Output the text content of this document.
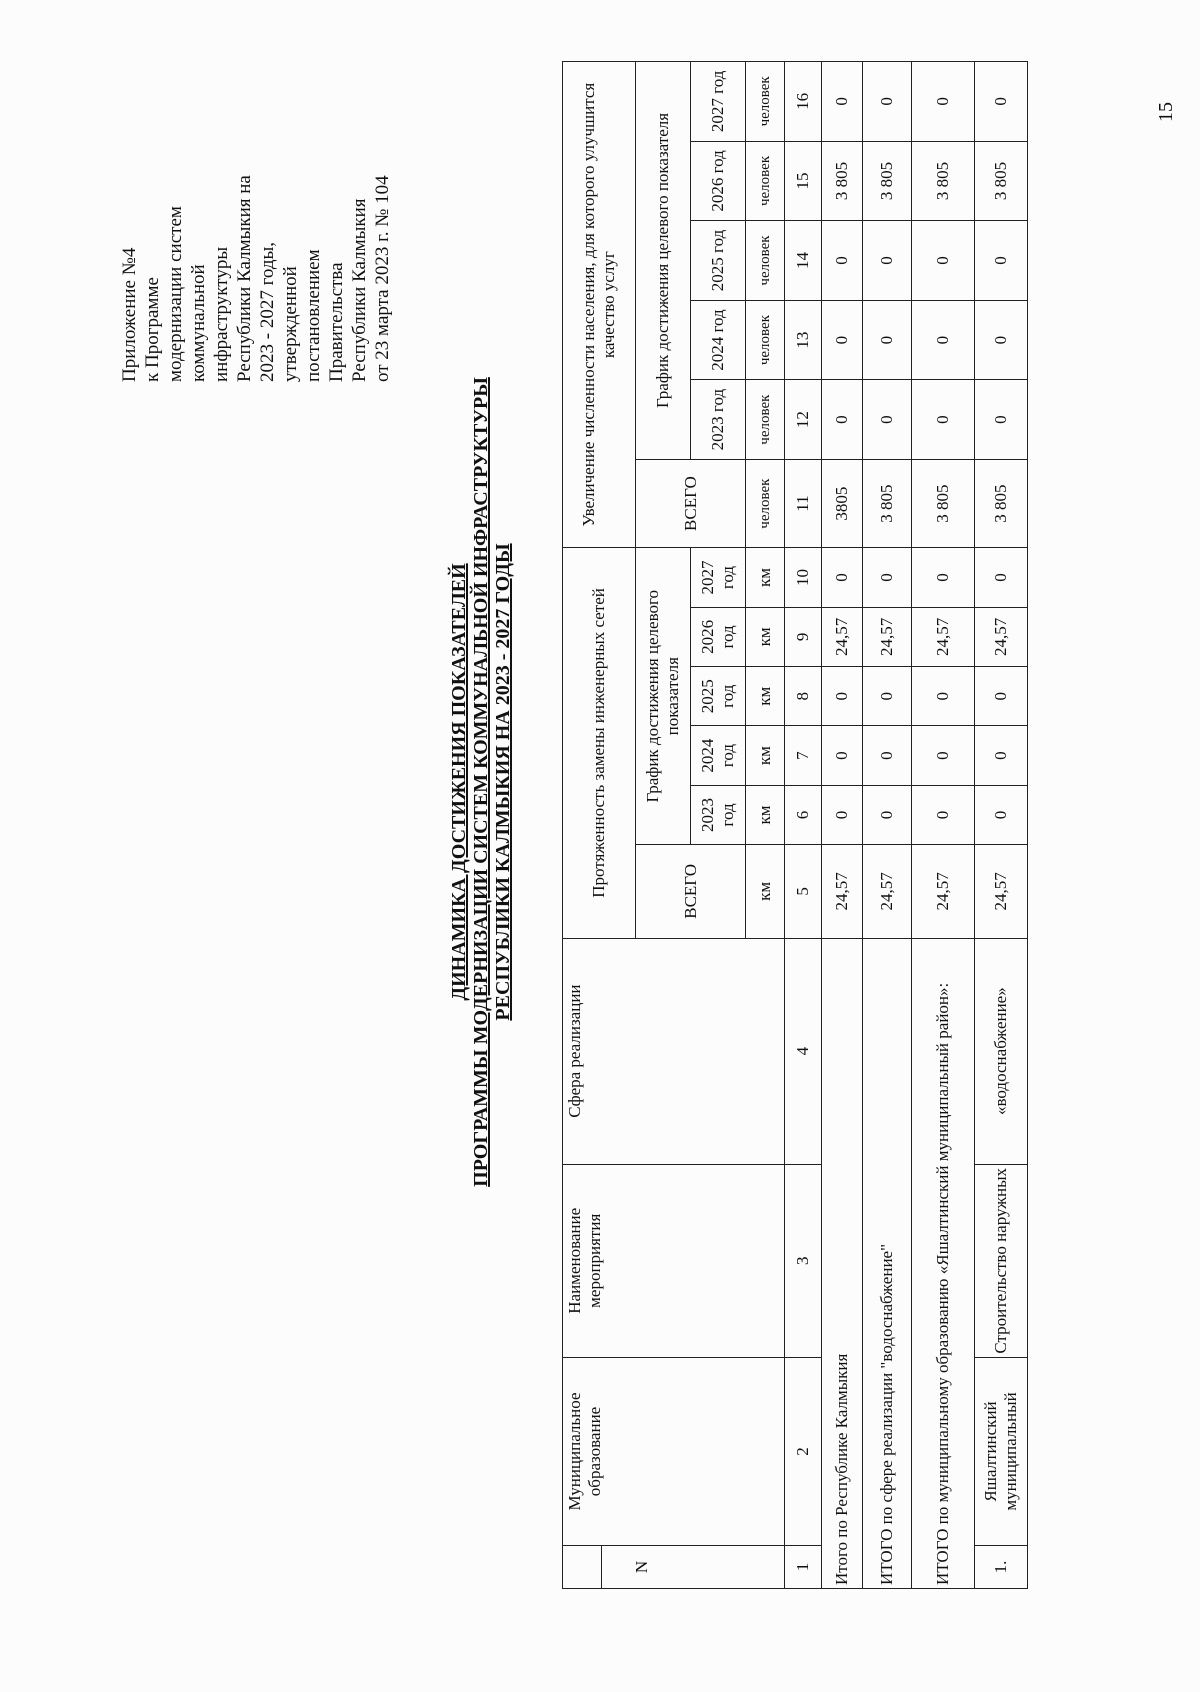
15
Приложение №4 к Программе модернизации систем коммунальной инфраструктуры Республики Калмыкия на 2023 - 2027 годы, утвержденной постановлением Правительства Республики Калмыкия от 23 марта 2023 г. № 104
ДИНАМИКА ДОСТИЖЕНИЯ ПОКАЗАТЕЛЕЙ ПРОГРАММЫ МОДЕРНИЗАЦИИ СИСТЕМ КОММУНАЛЬНОЙ ИНФРАСТРУКТУРЫ РЕСПУБЛИКИ КАЛМЫКИЯ НА 2023 - 2027 ГОДЫ
N	Муниципальное образование	Наименование мероприятия	Сфера реализации	Протяженность замены инженерных сетей						Увеличение численности населения, для которого улучшится качество услуг					
				ВСЕГО	График достижения целевого показателя					ВСЕГО	График достижения целевого показателя				
					2023 год	2024 год	2025 год	2026 год	2027 год		2023 год	2024 год	2025 год	2026 год	2027 год
				км	км	км	км	км	км	человек	человек	человек	человек	человек	человек
1	2	3	4	5	6	7	8	9	10	11	12	13	14	15	16
Итого по Республике Калмыкия				24,57	0	0	0	24,57	0	3805	0	0	0	3 805	0
ИТОГО по сфере реализации "водоснабжение"				24,57	0	0	0	24,57	0	3 805	0	0	0	3 805	0
ИТОГО по муниципальному образованию «Яшалтинский муниципальный район»:				24,57	0	0	0	24,57	0	3 805	0	0	0	3 805	0
1.	Яшалтинский муниципальный	Строительство наружных	«водоснабжение»	24,57	0	0	0	24,57	0	3 805	0	0	0	3 805	0
